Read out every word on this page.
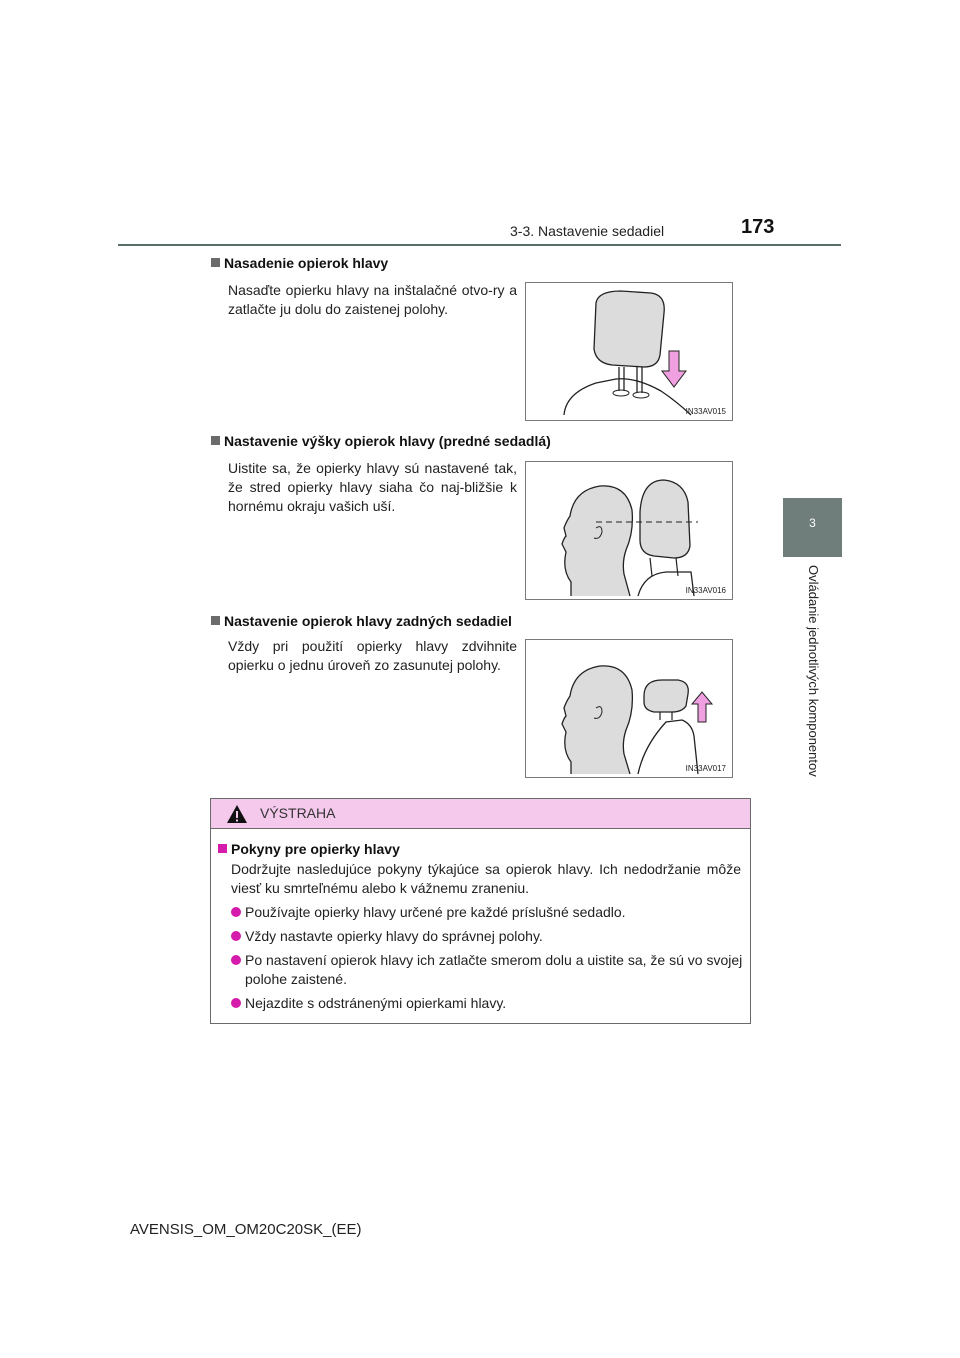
3-3. Nastavenie sedadiel	173
3
Ovládanie jednotlivých komponentov
Nasadenie opierok hlavy
Nasaďte opierku hlavy na inštalačné otvo-ry a zatlačte ju dolu do zaistenej polohy.
IN33AV015
Nastavenie výšky opierok hlavy (predné sedadlá)
Uistite sa, že opierky hlavy sú nastavené tak, že stred opierky hlavy siaha čo naj-bližšie k hornému okraju vašich uší.
IN33AV016
Nastavenie opierok hlavy zadných sedadiel
Vždy pri použití opierky hlavy zdvihnite opierku o jednu úroveň zo zasunutej polohy.
IN33AV017
VÝSTRAHA
Pokyny pre opierky hlavy
Dodržujte nasledujúce pokyny týkajúce sa opierok hlavy. Ich nedodržanie môže viesť ku smrteľnému alebo k vážnemu zraneniu.
Používajte opierky hlavy určené pre každé príslušné sedadlo.
Vždy nastavte opierky hlavy do správnej polohy.
Po nastavení opierok hlavy ich zatlačte smerom dolu a uistite sa, že sú vo svojej polohe zaistené.
Nejazdite s odstránenými opierkami hlavy.
AVENSIS_OM_OM20C20SK_(EE)
